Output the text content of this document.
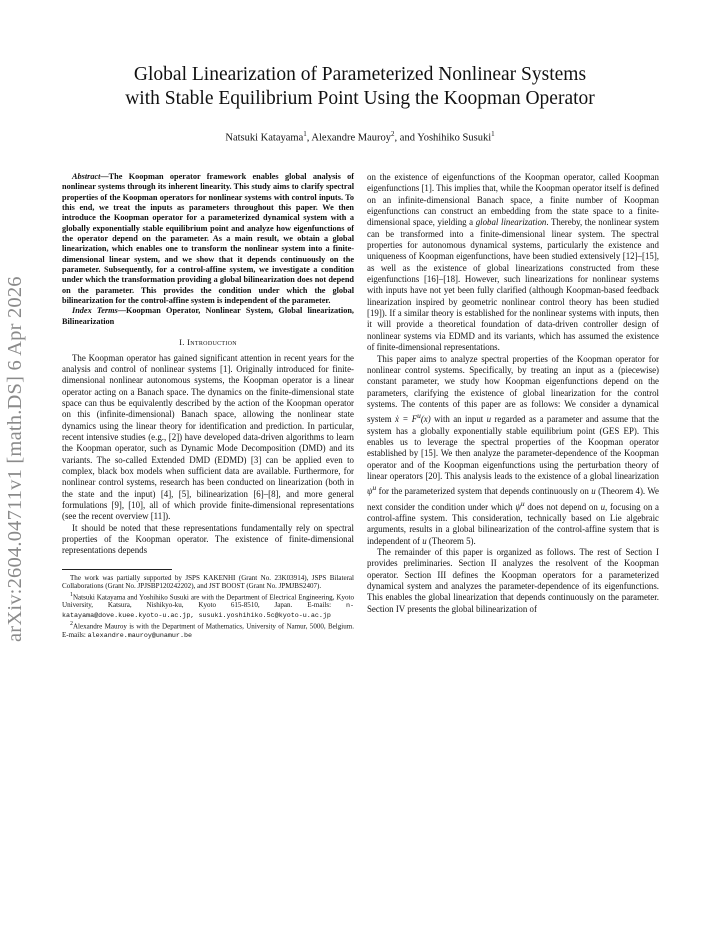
arXiv:2604.04711v1 [math.DS] 6 Apr 2026
Global Linearization of Parameterized Nonlinear Systems
with Stable Equilibrium Point Using the Koopman Operator
Natsuki Katayama$^1$, Alexandre Mauroy$^2$, and Yoshihiko Susuki$^1$
Abstract—The Koopman operator framework enables global analysis of nonlinear systems through its inherent linearity. This study aims to clarify spectral properties of the Koopman operators for nonlinear systems with control inputs. To this end, we treat the inputs as parameters throughout this paper. We then introduce the Koopman operator for a parameterized dynamical system with a globally exponentially stable equilibrium point and analyze how eigenfunctions of the operator depend on the parameter. As a main result, we obtain a global linearization, which enables one to transform the nonlinear system into a finite-dimensional linear system, and we show that it depends continuously on the parameter. Subsequently, for a control-affine system, we investigate a condition under which the transformation providing a global bilinearization does not depend on the parameter. This provides the condition under which the global bilinearization for the control-affine system is independent of the parameter.
Index Terms—Koopman Operator, Nonlinear System, Global linearization, Bilinearization
I. Introduction

The Koopman operator has gained significant attention in recent years for the analysis and control of nonlinear systems [1]. Originally introduced for finite-dimensional nonlinear autonomous systems, the Koopman operator is a linear operator acting on a Banach space. The dynamics on the finite-dimensional state space can thus be equivalently described by the action of the Koopman operator on this (infinite-dimensional) Banach space, allowing the nonlinear state dynamics using the linear theory for identification and prediction. In particular, recent intensive studies (e.g., [2]) have developed data-driven algorithms to learn the Koopman operator, such as Dynamic Mode Decomposition (DMD) and its variants. The so-called Extended DMD (EDMD) [3] can be applied even to complex, black box models when sufficient data are available. Furthermore, for nonlinear control systems, research has been conducted on linearization (both in the state and the input) [4], [5], bilinearization [6]–[8], and more general formulations [9], [10], all of which provide finite-dimensional representations (see the recent overview [11]).

It should be noted that these representations fundamentally rely on spectral properties of the Koopman operator. The existence of finite-dimensional representations depends

The work was partially supported by JSPS KAKENHI (Grant No. 23K03914), JSPS Bilateral Collaborations (Grant No. JPJSBP120242202), and JST BOOST (Grant No. JPMJBS2407).

$^1$Natsuki Katayama and Yoshihiko Susuki are with the Department of Electrical Engineering, Kyoto University, Katsura, Nishikyo-ku, Kyoto 615-8510, Japan. E-mails: n-katayama@dove.kuee.kyoto-u.ac.jp, susuki.yoshihiko.5c@kyoto-u.ac.jp

$^2$Alexandre Mauroy is with the Department of Mathematics, University of Namur, 5000, Belgium. E-mails: alexandre.mauroy@unamur.be

on the existence of eigenfunctions of the Koopman operator, called Koopman eigenfunctions [1]. This implies that, while the Koopman operator itself is defined on an infinite-dimensional Banach space, a finite number of Koopman eigenfunctions can construct an embedding from the state space to a finite-dimensional space, yielding a global linearization. Thereby, the nonlinear system can be transformed into a finite-dimensional linear system. The spectral properties for autonomous dynamical systems, particularly the existence and uniqueness of Koopman eigenfunctions, have been studied extensively [12]–[15], as well as the existence of global linearizations constructed from these eigenfunctions [16]–[18]. However, such linearizations for nonlinear systems with inputs have not yet been fully clarified (although Koopman-based feedback linearization inspired by geometric nonlinear control theory has been studied [19]). If a similar theory is established for the nonlinear systems with inputs, then it will provide a theoretical foundation of data-driven controller design of nonlinear systems via EDMD and its variants, which has assumed the existence of finite-dimensional representations.

This paper aims to analyze spectral properties of the Koopman operator for nonlinear control systems. Specifically, by treating an input as a (piecewise) constant parameter, we study how Koopman eigenfunctions depend on the parameters, clarifying the existence of global linearization for the control systems. The contents of this paper are as follows: We consider a dynamical system ẋ = $F^u(x)$ with an input u regarded as a parameter and assume that the system has a globally exponentially stable equilibrium point (GES EP). This enables us to leverage the spectral properties of the Koopman operator established by [15]. We then analyze the parameter-dependence of the Koopman operator and of the Koopman eigenfunctions using the perturbation theory of linear operators [20]. This analysis leads to the existence of a global linearization $\psi^u$ for the parameterized system that depends continuously on u (Theorem 4). We next consider the condition under which $\psi^u$ does not depend on u, focusing on a control-affine system. This consideration, technically based on Lie algebraic arguments, results in a global bilinearization of the control-affine system that is independent of u (Theorem 5).

The remainder of this paper is organized as follows. The rest of Section I provides preliminaries. Section II analyzes the resolvent of the Koopman operator. Section III defines the Koopman operators for a parameterized dynamical system and analyzes the parameter-dependence of its eigenfunctions. This enables the global linearization that depends continuously on the parameter. Section IV presents the global bilinearization of
